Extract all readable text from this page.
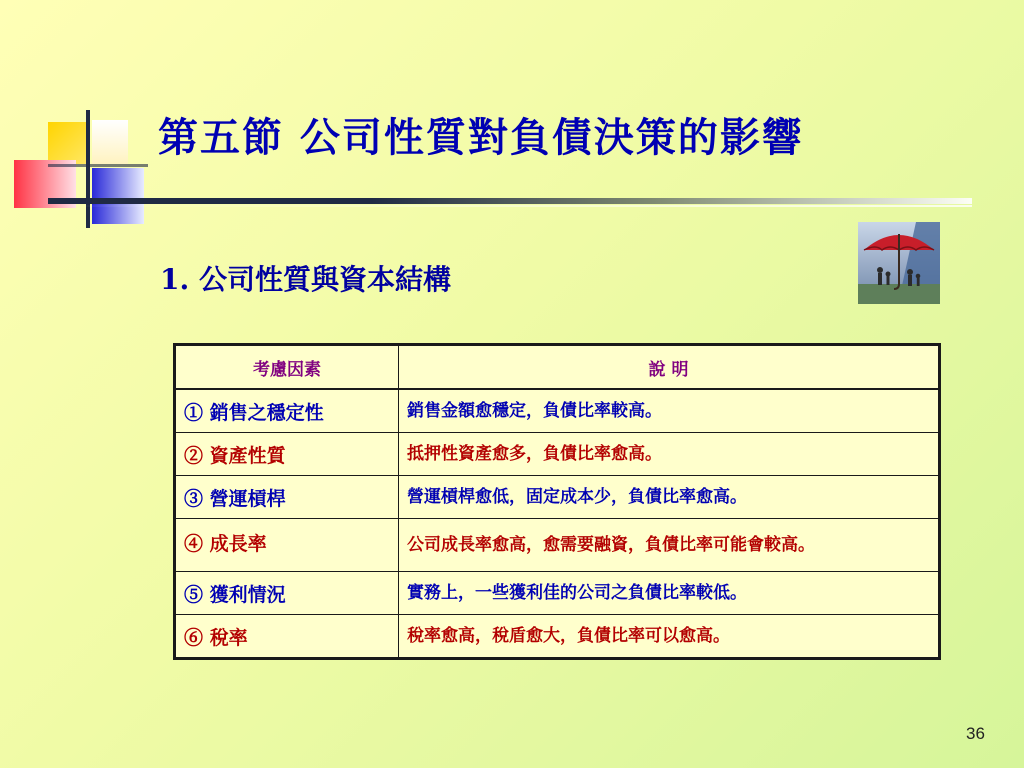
第五節 公司性質對負債決策的影響
1. 公司性質與資本結構
考慮因素	說 明
① 銷售之穩定性	銷售金額愈穩定，負債比率較高。
② 資產性質	抵押性資產愈多，負債比率愈高。
③ 營運槓桿	營運槓桿愈低，固定成本少，負債比率愈高。
④ 成長率	公司成長率愈高，愈需要融資，負債比率可能會較高。
⑤ 獲利情況	實務上，一些獲利佳的公司之負債比率較低。
⑥ 稅率	稅率愈高，稅盾愈大，負債比率可以愈高。
36
